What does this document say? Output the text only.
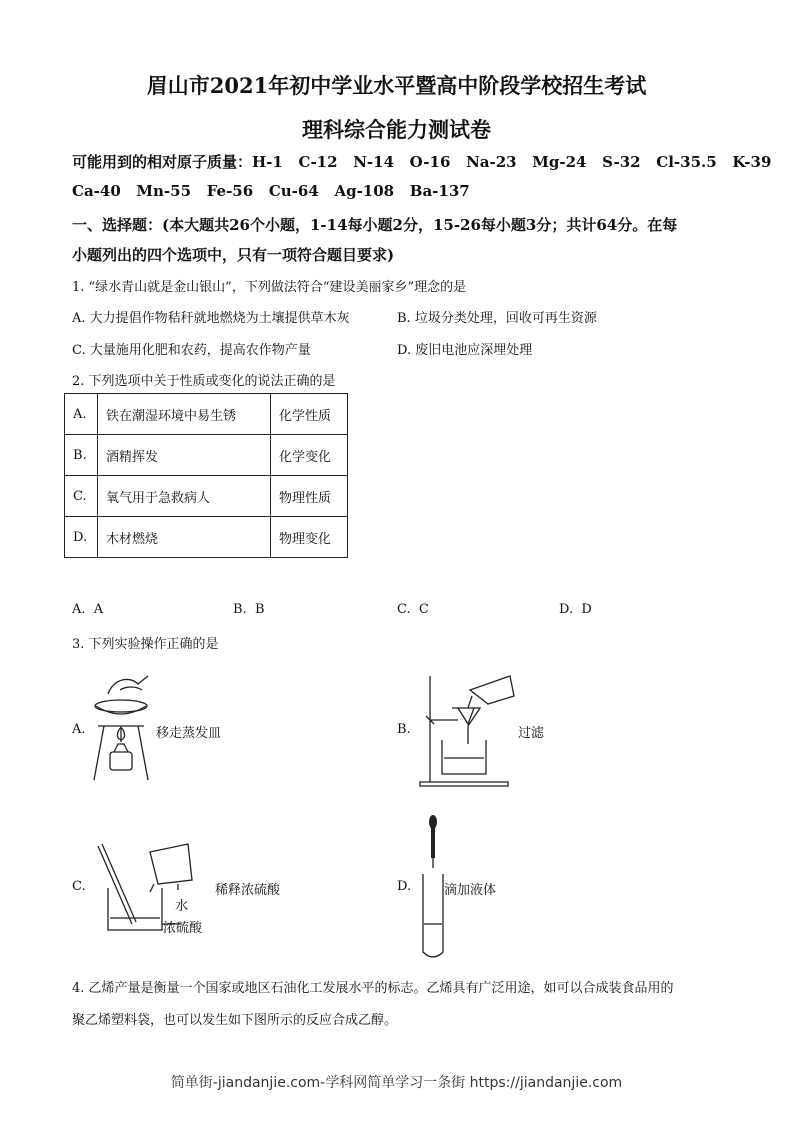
眉山市2021年初中学业水平暨高中阶段学校招生考试
理科综合能力测试卷
可能用到的相对原子质量：H-1   C-12   N-14   O-16   Na-23   Mg-24   S-32   Cl-35.5   K-39
Ca-40   Mn-55   Fe-56   Cu-64   Ag-108   Ba-137
一、选择题：(本大题共26个小题，1-14每小题2分，15-26每小题3分；共计64分。在每
小题列出的四个选项中，只有一项符合题目要求)
1. “绿水青山就是金山银山”，下列做法符合“建设美丽家乡”理念的是
A. 大力提倡作物秸秆就地燃烧为土壤提供草木灰	B. 垃圾分类处理，回收可再生资源
C. 大量施用化肥和农药，提高农作物产量	D. 废旧电池应深埋处理
2. 下列选项中关于性质或变化的说法正确的是
A.	铁在潮湿环境中易生锈	化学性质
B.	酒精挥发	化学变化
C.	氧气用于急救病人	物理性质
D.	木材燃烧	物理变化
A.  A	B.  B	C.  C	D.  D
3. 下列实验操作正确的是
A.	移走蒸发皿	B.	过滤
C.
水
浓硫酸
稀释浓硫酸	D.	滴加液体
4. 乙烯产量是衡量一个国家或地区石油化工发展水平的标志。乙烯具有广泛用途，如可以合成装食品用的
聚乙烯塑料袋，也可以发生如下图所示的反应合成乙醇。
简单街-jiandanjie.com-学科网简单学习一条街 https://jiandanjie.com
